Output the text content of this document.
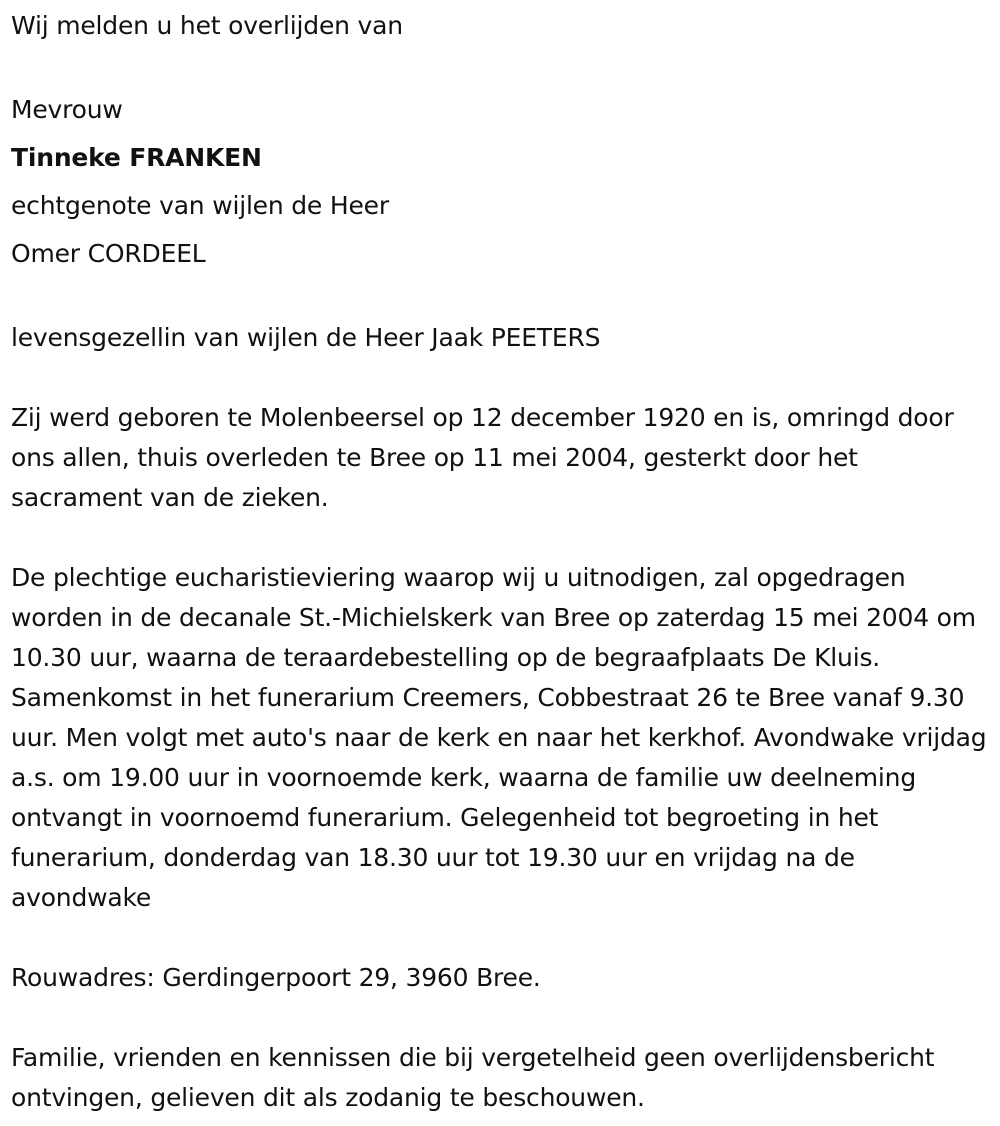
Wij melden u het overlijden van

Mevrouw

Tinneke FRANKEN

echtgenote van wijlen de Heer

Omer CORDEEL

levensgezellin van wijlen de Heer Jaak PEETERS

Zij werd geboren te Molenbeersel op 12 december 1920 en is, omringd door ons allen, thuis overleden te Bree op 11 mei 2004, gesterkt door het sacrament van de zieken.

De plechtige eucharistieviering waarop wij u uitnodigen, zal opgedragen worden in de decanale St.-Michielskerk van Bree op zaterdag 15 mei 2004 om 10.30 uur, waarna de teraardebestelling op de begraafplaats De Kluis. Samenkomst in het funerarium Creemers, Cobbestraat 26 te Bree vanaf 9.30 uur. Men volgt met auto's naar de kerk en naar het kerkhof. Avondwake vrijdag a.s. om 19.00 uur in voornoemde kerk, waarna de familie uw deelneming ontvangt in voornoemd funerarium. Gelegenheid tot begroeting in het funerarium, donderdag van 18.30 uur tot 19.30 uur en vrijdag na de avondwake

Rouwadres: Gerdingerpoort 29, 3960 Bree.

Familie, vrienden en kennissen die bij vergetelheid geen overlijdensbericht ontvingen, gelieven dit als zodanig te beschouwen.
